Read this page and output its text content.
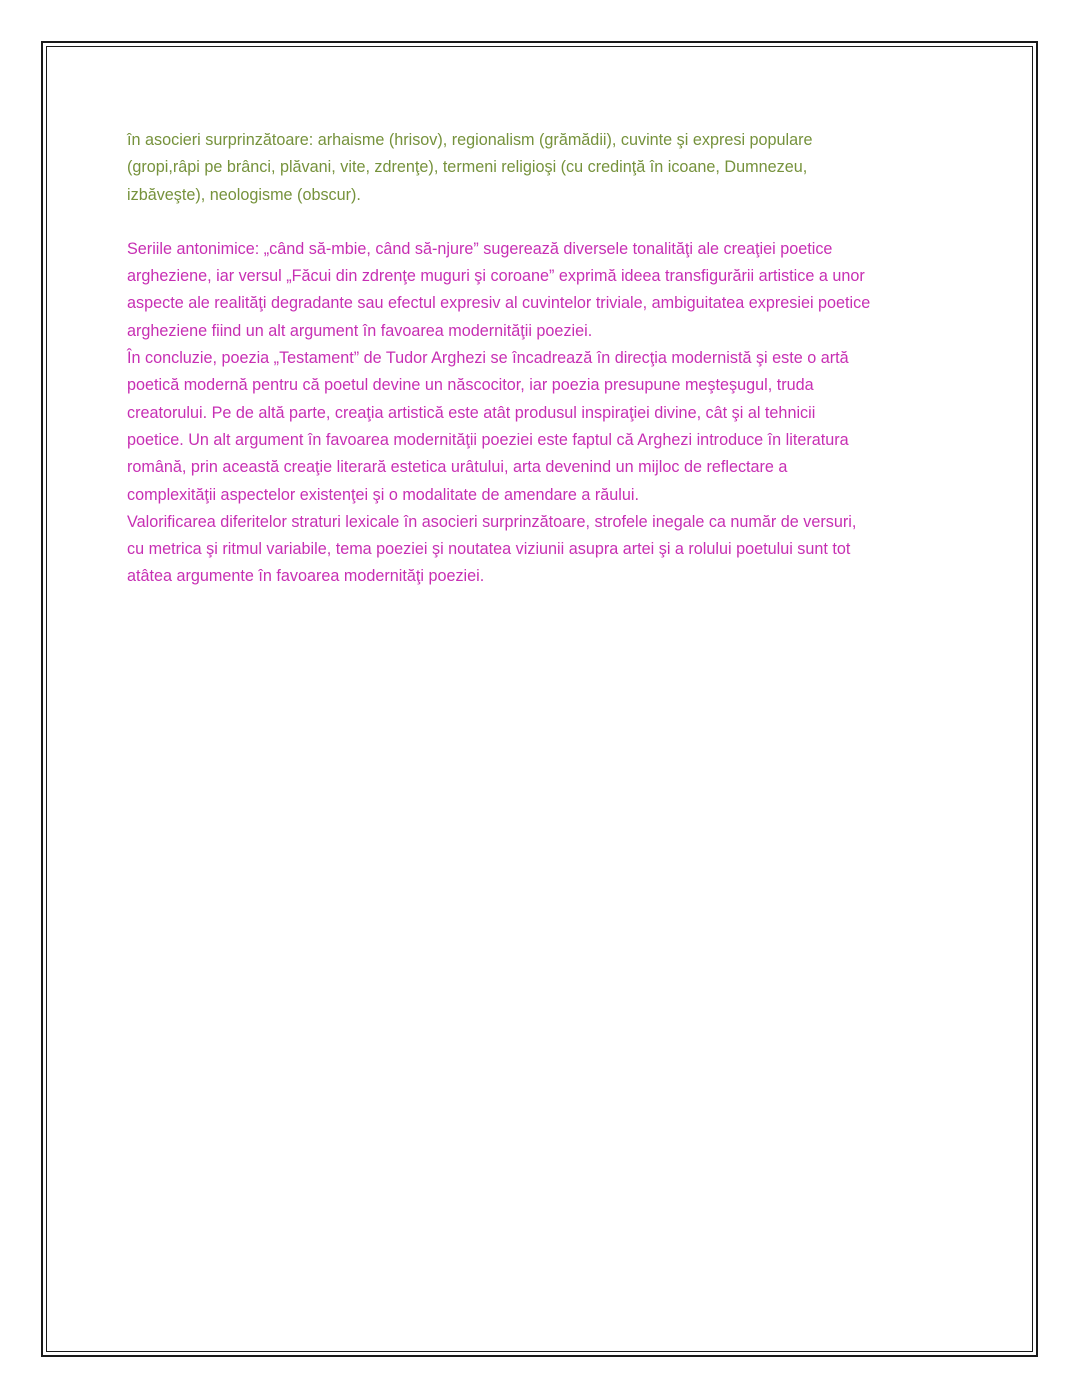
în asocieri surprinzătoare: arhaisme (hrisov), regionalism (grămădii), cuvinte şi expresi populare
(gropi,râpi pe brânci, plăvani, vite, zdrenţe), termeni religioşi (cu credinţă în icoane, Dumnezeu,
izbăveşte), neologisme (obscur).

Seriile antonimice: „când să-mbie, când să-njure” sugerează diversele tonalităţi ale creaţiei poetice
argheziene, iar versul „Făcui din zdrenţe muguri şi coroane” exprimă ideea transfigurării artistice a unor
aspecte ale realităţi degradante sau efectul expresiv al cuvintelor triviale, ambiguitatea expresiei poetice
argheziene fiind un alt argument în favoarea modernităţii poeziei.

În concluzie, poezia „Testament” de Tudor Arghezi se încadrează în direcţia modernistă şi este o artă
poetică modernă pentru că poetul devine un născocitor, iar poezia presupune meşteşugul, truda
creatorului. Pe de altă parte, creaţia artistică este atât produsul inspiraţiei divine, cât şi al tehnicii
poetice. Un alt argument în favoarea modernităţii poeziei este faptul că Arghezi introduce în literatura
română, prin această creaţie literară estetica urâtului, arta devenind un mijloc de reflectare a
complexităţii aspectelor existenţei şi o modalitate de amendare a răului.

Valorificarea diferitelor straturi lexicale în asocieri surprinzătoare, strofele inegale ca număr de versuri,
cu metrica şi ritmul variabile, tema poeziei şi noutatea viziunii asupra artei şi a rolului poetului sunt tot
atâtea argumente în favoarea modernităţi poeziei.
